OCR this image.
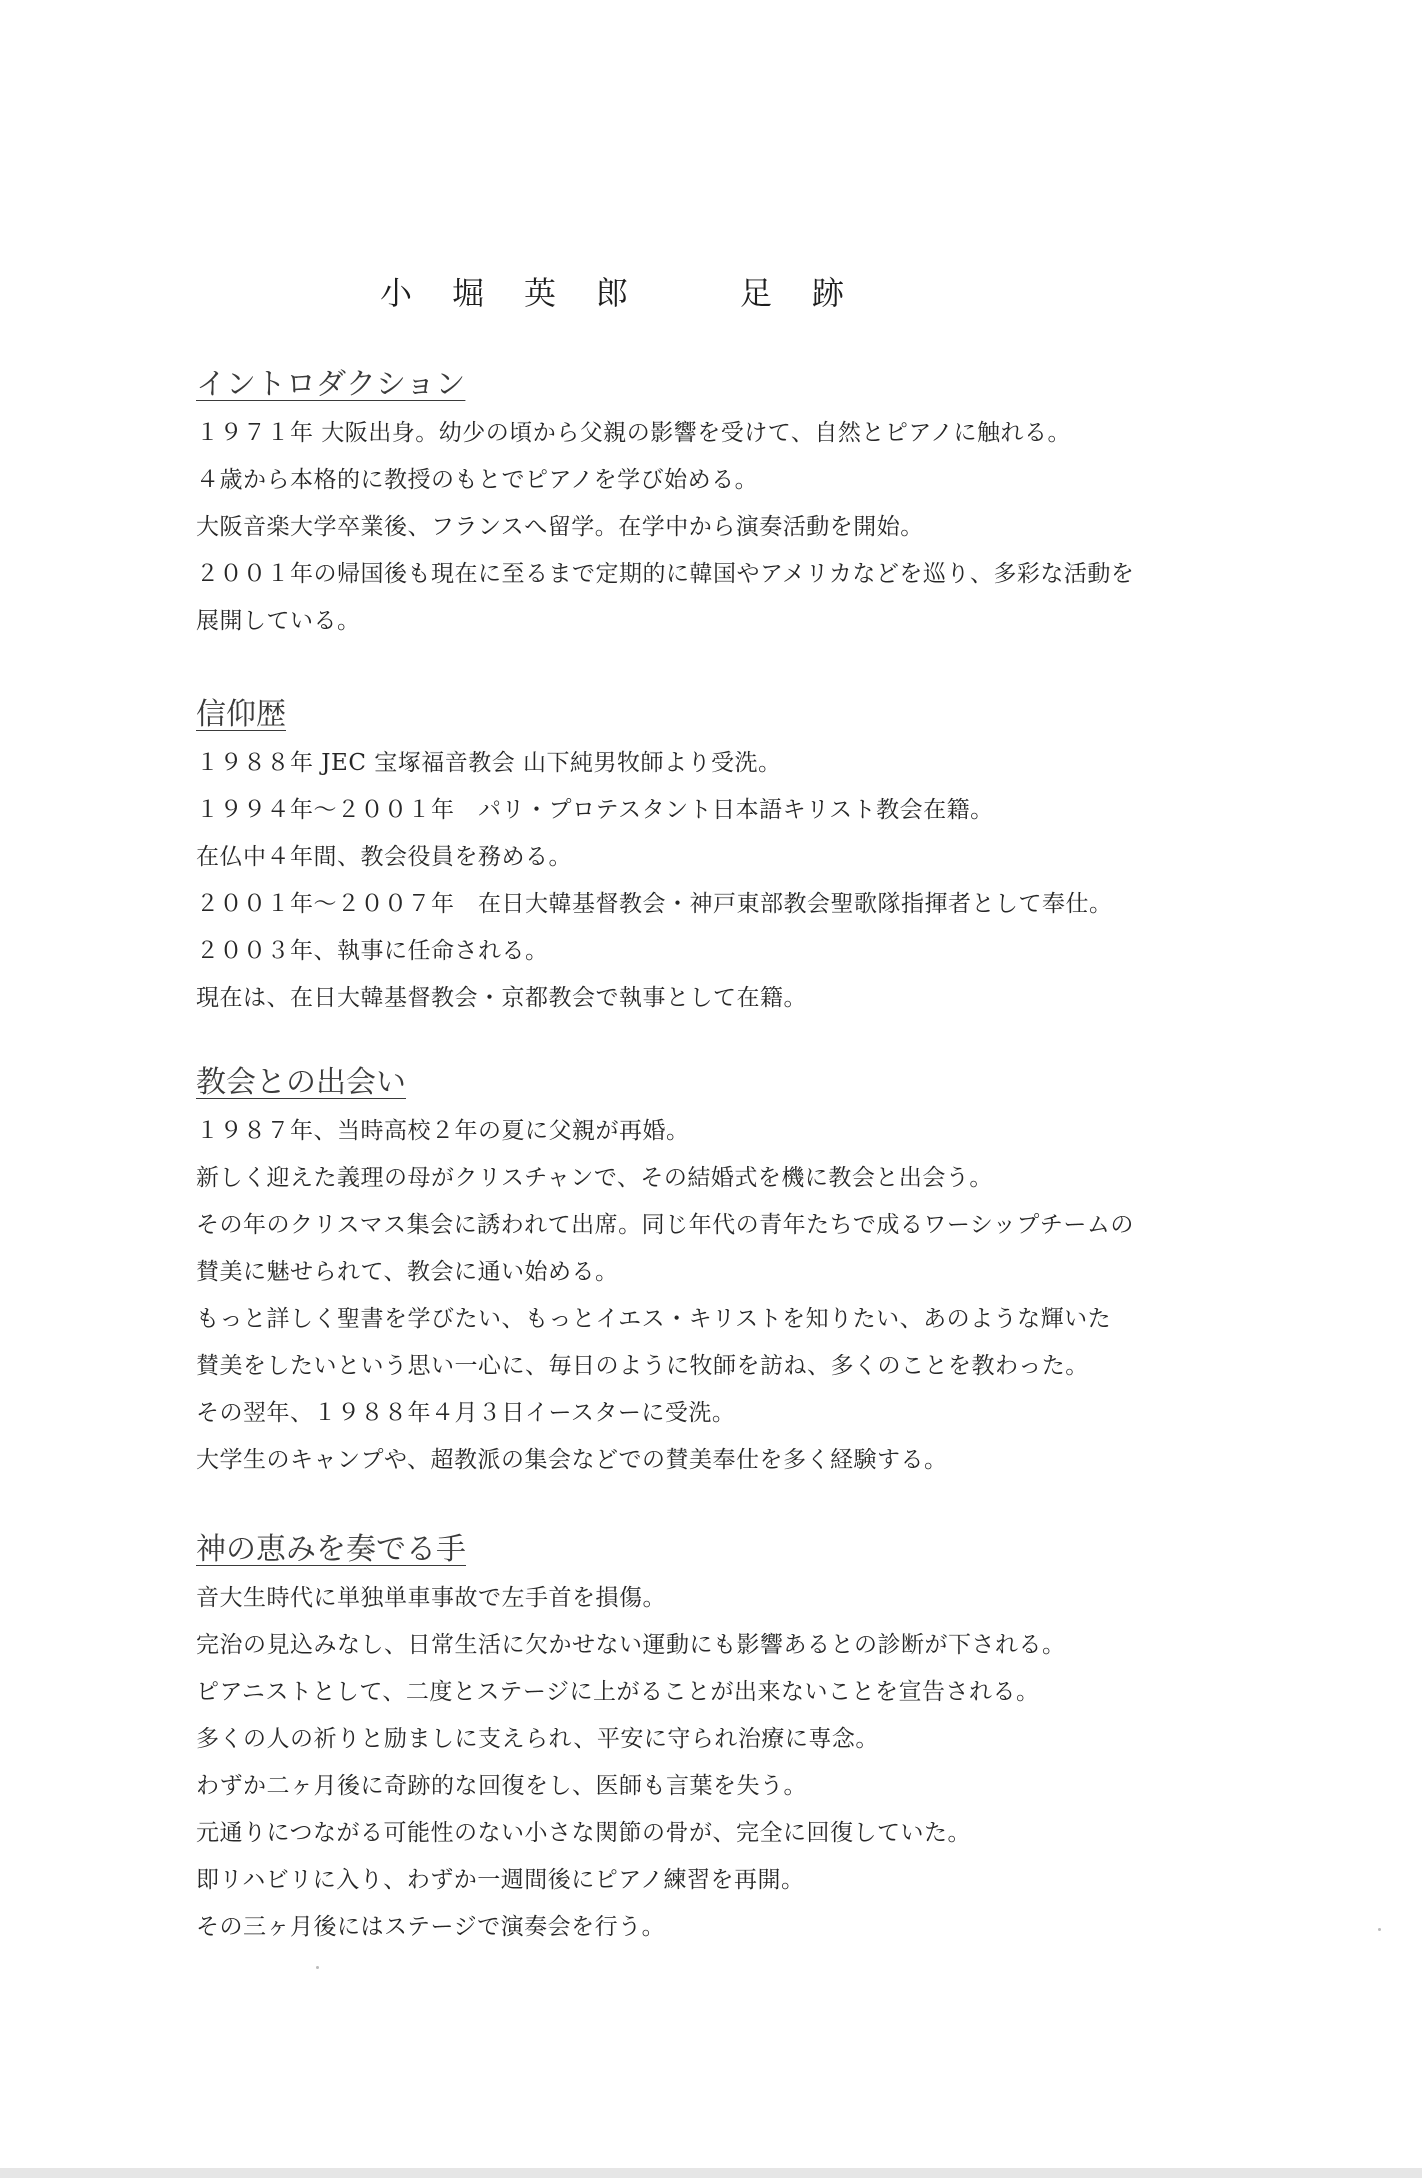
小　堀　英　郎　　　足　跡
イントロダクション
１９７１年 大阪出身。幼少の頃から父親の影響を受けて、自然とピアノに触れる。
４歳から本格的に教授のもとでピアノを学び始める。
大阪音楽大学卒業後、フランスへ留学。在学中から演奏活動を開始。
２００１年の帰国後も現在に至るまで定期的に韓国やアメリカなどを巡り、多彩な活動を
展開している。
信仰歴
１９８８年 JEC 宝塚福音教会 山下純男牧師より受洗。
１９９４年～２００１年　パリ・プロテスタント日本語キリスト教会在籍。
在仏中４年間、教会役員を務める。
２００１年～２００７年　在日大韓基督教会・神戸東部教会聖歌隊指揮者として奉仕。
２００３年、執事に任命される。
現在は、在日大韓基督教会・京都教会で執事として在籍。
教会との出会い
１９８７年、当時高校２年の夏に父親が再婚。
新しく迎えた義理の母がクリスチャンで、その結婚式を機に教会と出会う。
その年のクリスマス集会に誘われて出席。同じ年代の青年たちで成るワーシップチームの
賛美に魅せられて、教会に通い始める。
もっと詳しく聖書を学びたい、もっとイエス・キリストを知りたい、あのような輝いた
賛美をしたいという思い一心に、毎日のように牧師を訪ね、多くのことを教わった。
その翌年、１９８８年４月３日イースターに受洗。
大学生のキャンプや、超教派の集会などでの賛美奉仕を多く経験する。
神の恵みを奏でる手
音大生時代に単独単車事故で左手首を損傷。
完治の見込みなし、日常生活に欠かせない運動にも影響あるとの診断が下される。
ピアニストとして、二度とステージに上がることが出来ないことを宣告される。
多くの人の祈りと励ましに支えられ、平安に守られ治療に専念。
わずか二ヶ月後に奇跡的な回復をし、医師も言葉を失う。
元通りにつながる可能性のない小さな関節の骨が、完全に回復していた。
即リハビリに入り、わずか一週間後にピアノ練習を再開。
その三ヶ月後にはステージで演奏会を行う。
